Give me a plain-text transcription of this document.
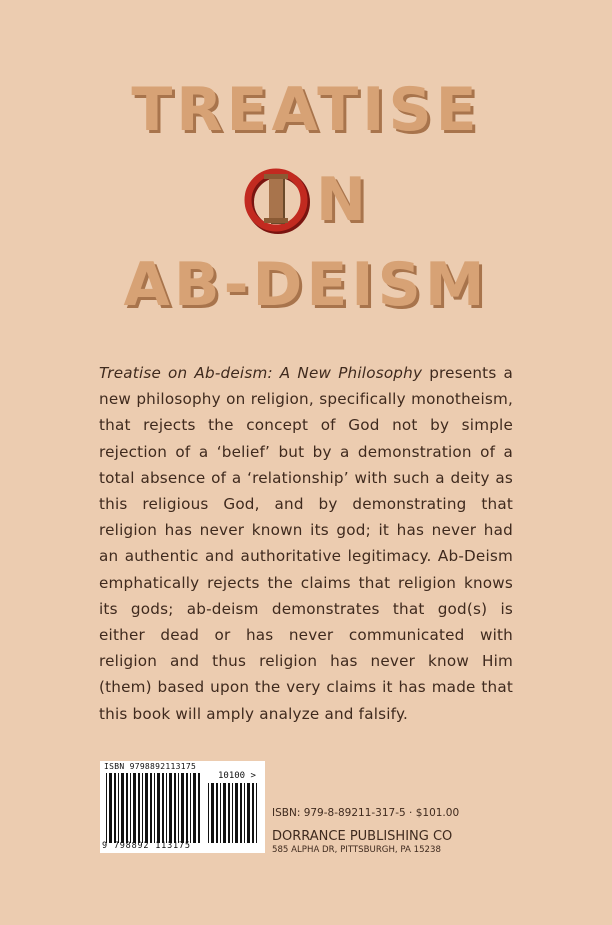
TREATISE
N
AB-DEISM
Treatise on Ab-deism: A New Philosophy presents a new philosophy on religion, specifically monotheism, that rejects the concept of God not by simple rejection of a ‘belief’ but by a demonstration of a total absence of a ‘relationship’ with such a deity as this religious God, and by demonstrating that religion has never known its god; it has never had an authentic and authoritative legitimacy. Ab-Deism emphatically rejects the claims that religion knows its gods; ab-deism demonstrates that god(s) is either dead or has never communicated with religion and thus religion has never know Him (them) based upon the very claims it has made that this book will amply analyze and falsify.
ISBN 9798892113175
10100 >
9 798892 113175
ISBN: 979-8-89211-317-5 · $101.00
DORRANCE PUBLISHING CO
585 ALPHA DR, PITTSBURGH, PA 15238
